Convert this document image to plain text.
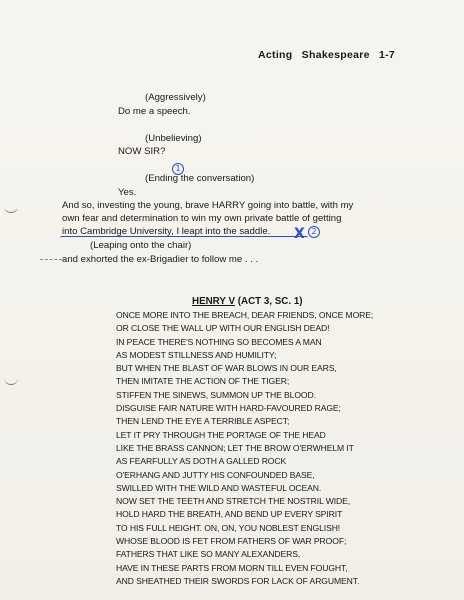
Acting Shakespeare 1-7
(Aggressively)
Do me a speech.
(Unbelieving)
NOW SIR?
(Ending the conversation)
Yes.
1
And so, investing the young, brave HARRY going into battle, with my
own fear and determination to win my own private battle of getting
into Cambridge University, I leapt into the saddle. X 2
(Leaping onto the chair)
and exhorted the ex-Brigadier to follow me . . .
HENRY V (ACT 3, SC. 1)
ONCE MORE INTO THE BREACH, DEAR FRIENDS, ONCE MORE;
OR CLOSE THE WALL UP WITH OUR ENGLISH DEAD!
IN PEACE THERE'S NOTHING SO BECOMES A MAN
AS MODEST STILLNESS AND HUMILITY;
BUT WHEN THE BLAST OF WAR BLOWS IN OUR EARS,
THEN IMITATE THE ACTION OF THE TIGER;
STIFFEN THE SINEWS, SUMMON UP THE BLOOD.
DISGUISE FAIR NATURE WITH HARD-FAVOURED RAGE;
THEN LEND THE EYE A TERRIBLE ASPECT;
LET IT PRY THROUGH THE PORTAGE OF THE HEAD
LIKE THE BRASS CANNON; LET THE BROW O'ERWHELM IT
AS FEARFULLY AS DOTH A GALLED ROCK
O'ERHANG AND JUTTY HIS CONFOUNDED BASE,
SWILLED WITH THE WILD AND WASTEFUL OCEAN.
NOW SET THE TEETH AND STRETCH THE NOSTRIL WIDE,
HOLD HARD THE BREATH, AND BEND UP EVERY SPIRIT
TO HIS FULL HEIGHT. ON, ON, YOU NOBLEST ENGLISH!
WHOSE BLOOD IS FET FROM FATHERS OF WAR PROOF;
FATHERS THAT LIKE SO MANY ALEXANDERS,
HAVE IN THESE PARTS FROM MORN TILL EVEN FOUGHT,
AND SHEATHED THEIR SWORDS FOR LACK OF ARGUMENT.
· · ·
· ·
